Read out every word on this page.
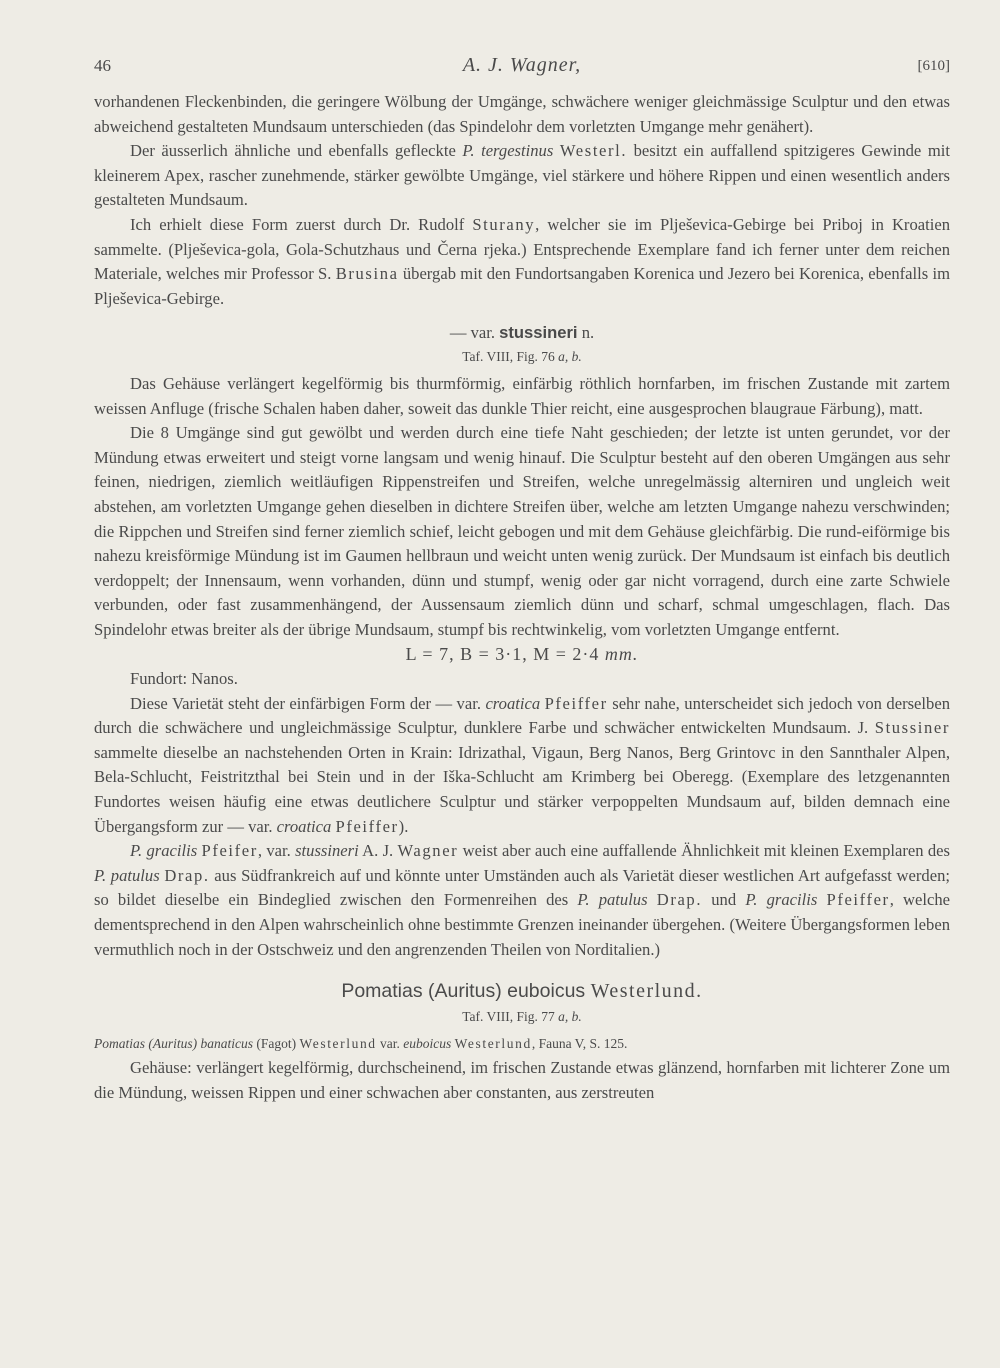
46	A. J. Wagner,	[610]

vorhandenen Fleckenbinden, die geringere Wölbung der Umgänge, schwächere weniger gleichmässige Sculptur und den etwas abweichend gestalteten Mundsaum unterschieden (das Spindelohr dem vorletzten Umgange mehr genähert).

Der äusserlich ähnliche und ebenfalls gefleckte P. tergestinus Westerl. besitzt ein auffallend spitzigeres Gewinde mit kleinerem Apex, rascher zunehmende, stärker gewölbte Umgänge, viel stärkere und höhere Rippen und einen wesentlich anders gestalteten Mundsaum.

Ich erhielt diese Form zuerst durch Dr. Rudolf Sturany, welcher sie im Plješevica-Gebirge bei Priboj in Kroatien sammelte. (Plješevica-gola, Gola-Schutzhaus und Černa rjeka.) Entsprechende Exemplare fand ich ferner unter dem reichen Materiale, welches mir Professor S. Brusina übergab mit den Fundortsangaben Korenica und Jezero bei Korenica, ebenfalls im Plješevica-Gebirge.

— var. stussineri n.

Taf. VIII, Fig. 76 a, b.

Das Gehäuse verlängert kegelförmig bis thurmförmig, einfärbig röthlich hornfarben, im frischen Zustande mit zartem weissen Anfluge (frische Schalen haben daher, soweit das dunkle Thier reicht, eine ausgesprochen blaugraue Färbung), matt.

Die 8 Umgänge sind gut gewölbt und werden durch eine tiefe Naht geschieden; der letzte ist unten gerundet, vor der Mündung etwas erweitert und steigt vorne langsam und wenig hinauf. Die Sculptur besteht auf den oberen Umgängen aus sehr feinen, niedrigen, ziemlich weitläufigen Rippenstreifen und Streifen, welche unregelmässig alterniren und ungleich weit abstehen, am vorletzten Umgange gehen dieselben in dichtere Streifen über, welche am letzten Umgange nahezu verschwinden; die Rippchen und Streifen sind ferner ziemlich schief, leicht gebogen und mit dem Gehäuse gleichfärbig. Die rund-eiförmige bis nahezu kreisförmige Mündung ist im Gaumen hellbraun und weicht unten wenig zurück. Der Mundsaum ist einfach bis deutlich verdoppelt; der Innensaum, wenn vorhanden, dünn und stumpf, wenig oder gar nicht vorragend, durch eine zarte Schwiele verbunden, oder fast zusammenhängend, der Aussensaum ziemlich dünn und scharf, schmal umgeschlagen, flach. Das Spindelohr etwas breiter als der übrige Mundsaum, stumpf bis rechtwinkelig, vom vorletzten Umgange entfernt.

L = 7, B = 3·1, M = 2·4 mm.

Fundort: Nanos.

Diese Varietät steht der einfärbigen Form der — var. croatica Pfeiffer sehr nahe, unterscheidet sich jedoch von derselben durch die schwächere und ungleichmässige Sculptur, dunklere Farbe und schwächer entwickelten Mundsaum. J. Stussiner sammelte dieselbe an nachstehenden Orten in Krain: Idrizathal, Vigaun, Berg Nanos, Berg Grintovc in den Sannthaler Alpen, Bela-Schlucht, Feistritzthal bei Stein und in der Iška-Schlucht am Krimberg bei Oberegg. (Exemplare des letzgenannten Fundortes weisen häufig eine etwas deutlichere Sculptur und stärker verpoppelten Mundsaum auf, bilden demnach eine Übergangsform zur — var. croatica Pfeiffer).

P. gracilis Pfeifer, var. stussineri A. J. Wagner weist aber auch eine auffallende Ähnlichkeit mit kleinen Exemplaren des P. patulus Drap. aus Südfrankreich auf und könnte unter Umständen auch als Varietät dieser westlichen Art aufgefasst werden; so bildet dieselbe ein Bindeglied zwischen den Formenreihen des P. patulus Drap. und P. gracilis Pfeiffer, welche dementsprechend in den Alpen wahrscheinlich ohne bestimmte Grenzen ineinander übergehen. (Weitere Übergangsformen leben vermuthlich noch in der Ostschweiz und den angrenzenden Theilen von Norditalien.)

Pomatias (Auritus) euboicus Westerlund.

Taf. VIII, Fig. 77 a, b.

Pomatias (Auritus) banaticus (Fagot) Westerlund var. euboicus Westerlund, Fauna V, S. 125.

Gehäuse: verlängert kegelförmig, durchscheinend, im frischen Zustande etwas glänzend, hornfarben mit lichterer Zone um die Mündung, weissen Rippen und einer schwachen aber constanten, aus zerstreuten
